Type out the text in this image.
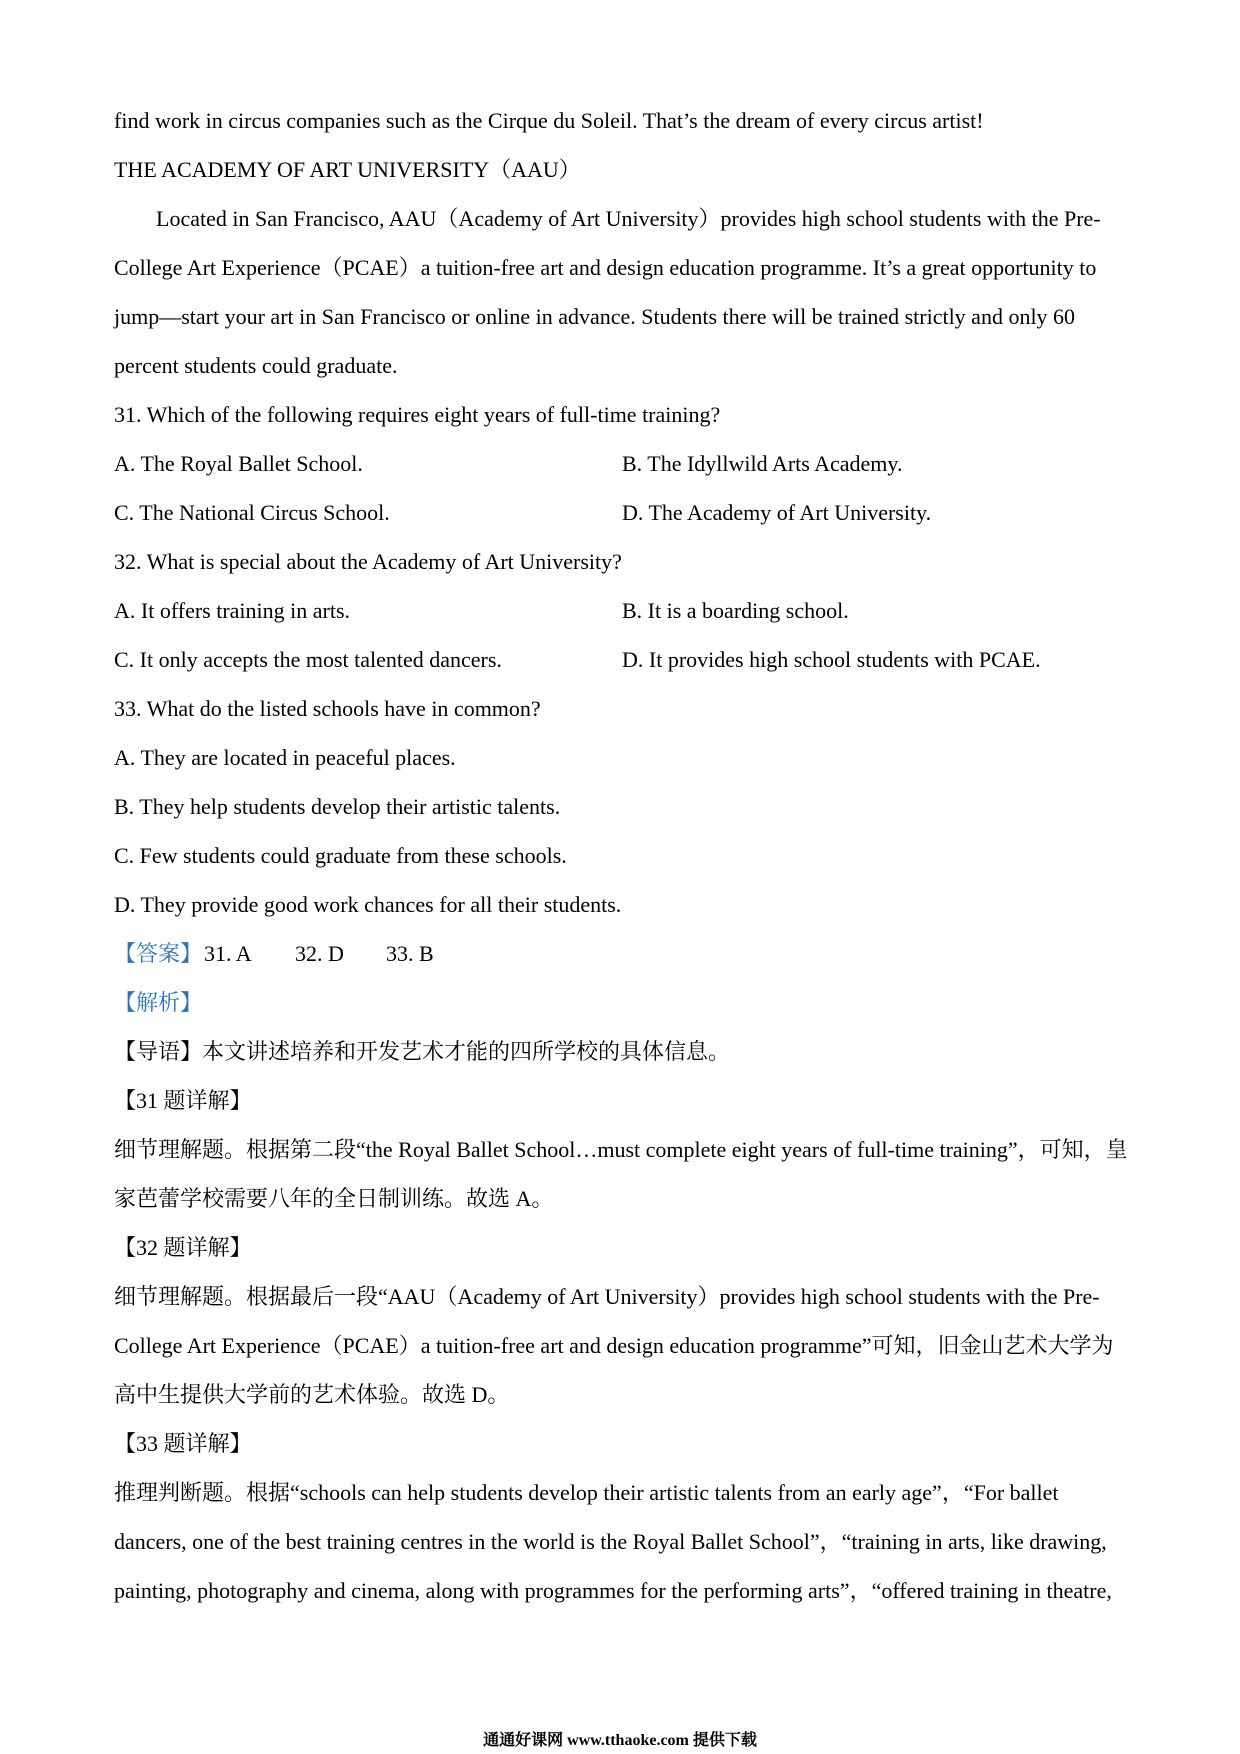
find work in circus companies such as the Cirque du Soleil. That’s the dream of every circus artist!
THE ACADEMY OF ART UNIVERSITY（AAU）
Located in San Francisco, AAU（Academy of Art University）provides high school students with the Pre-
College Art Experience（PCAE）a tuition-free art and design education programme. It’s a great opportunity to
jump—start your art in San Francisco or online in advance. Students there will be trained strictly and only 60
percent students could graduate.
31. Which of the following requires eight years of full-time training?
A. The Royal Ballet School.	B. The Idyllwild Arts Academy.
C. The National Circus School.	D. The Academy of Art University.
32. What is special about the Academy of Art University?
A. It offers training in arts.	B. It is a boarding school.
C. It only accepts the most talented dancers.	D. It provides high school students with PCAE.
33. What do the listed schools have in common?
A. They are located in peaceful places.
B. They help students develop their artistic talents.
C. Few students could graduate from these schools.
D. They provide good work chances for all their students.
【答案】31. A 32. D 33. B
【解析】
【导语】本文讲述培养和开发艺术才能的四所学校的具体信息。
【31 题详解】
细节理解题。根据第二段“the Royal Ballet School…must complete eight years of full-time training”，可知，皇
家芭蕾学校需要八年的全日制训练。故选 A。
【32 题详解】
细节理解题。根据最后一段“AAU（Academy of Art University）provides high school students with the Pre-
College Art Experience（PCAE）a tuition-free art and design education programme”可知，旧金山艺术大学为
高中生提供大学前的艺术体验。故选 D。
【33 题详解】
推理判断题。根据“schools can help students develop their artistic talents from an early age”，“For ballet
dancers, one of the best training centres in the world is the Royal Ballet School”，“training in arts, like drawing,
painting, photography and cinema, along with programmes for the performing arts”，“offered training in theatre,
通通好课网 www.tthaoke.com 提供下载
